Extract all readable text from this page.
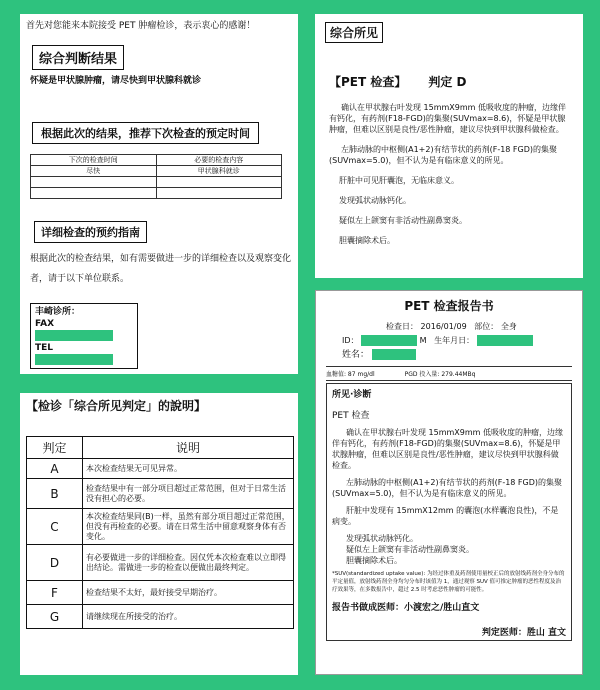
首先对您能来本院接受 PET 肿瘤检诊，表示衷心的感谢！
综合判断结果
怀疑是甲状腺肿瘤，请尽快到甲状腺科就诊
根据此次的结果，推荐下次检查的预定时间
下次的检查时间	必要的检查内容
尽快	甲状腺科就诊

详细检查的预约指南
根据此次的检查结果，如有需要做进一步的详细检查以及观察变化者，请于以下单位联系。
丰崎诊所：
FAX
TEL
综合所见
【PET 检查】 判定 D

确认在甲状腺右叶发现 15mmX9mm 低吸收度的肿瘤，边缘伴有钙化，有药剂(F18-FGD)的集聚(SUVmax=8.6)，怀疑是甲状腺肿瘤，但难以区别是良性/恶性肿瘤，建议尽快到甲状腺科做检查。

左肺动脉的中枢侧(A1+2)有结节状的药剂(F-18 FGD)的集聚(SUVmax=5.0)，但不认为是有临床意义的所见。

肝脏中可见肝囊泡，无临床意义。

发现弧状动脉钙化。

疑似左上颌窦有非活动性副鼻窦炎。

胆囊摘除术后。

【检诊「综合所见判定」的說明】
判定	说明
A	本次检查结果无可见异常。
B	检查结果中有一部分项目超过正常范围，但对于日常生活没有担心的必要。
C	本次检查结果同(B)一样，虽然有部分项目超过正常范围，但没有再检查的必要。请在日常生活中留意观察身体有否变化。
D	有必要做进一步的详细检查。因仅凭本次检查难以立即得出结论。需做进一步的检查以便做出最终判定。
F	检查结果不太好，最好接受早期治疗。
G	请继续现在所接受的治疗。
PET 检查报告书
检查日： 2016/01/09 部位： 全身
ID：	M 生年月日：
姓名：
血糖值: 87 mg/dl	PGD 投入量: 279.44MBq
所见·诊断
PET 检查

确认在甲状腺右叶发现 15mmX9mm 低吸收度的肿瘤，边缘伴有钙化，有药剂(F18-FGD)的集聚(SUVmax=8.6)，怀疑是甲状腺肿瘤，但难以区别是良性/恶性肿瘤，建议尽快到甲状腺科做检查。

左肺动脉的中枢侧(A1+2)有结节状的药剂(F-18 FGD)的集聚(SUVmax=5.0)，但不认为是有临床意义的所见。

肝脏中发现有 15mmX12mm 的囊泡(水样囊泡良性)，不是病变。

发现弧状动脉钙化。

疑似左上颌窦有非活动性副鼻窦炎。

胆囊摘除术后。

*SUV(standardized uptake value): 为经过体重及药剂使用量校正后的放射线药剂全身分布的平定量值，放射线药剂全身均匀分布时该值为 1，通过观察 SUV 值可推定肿瘤的恶性程度及治疗效果等，在多数报告中，超过 2.5 时考虑恶性肿瘤的可能性。
报告书做成医师：小渡宏之/胜山直文
判定医师：胜山 直文
